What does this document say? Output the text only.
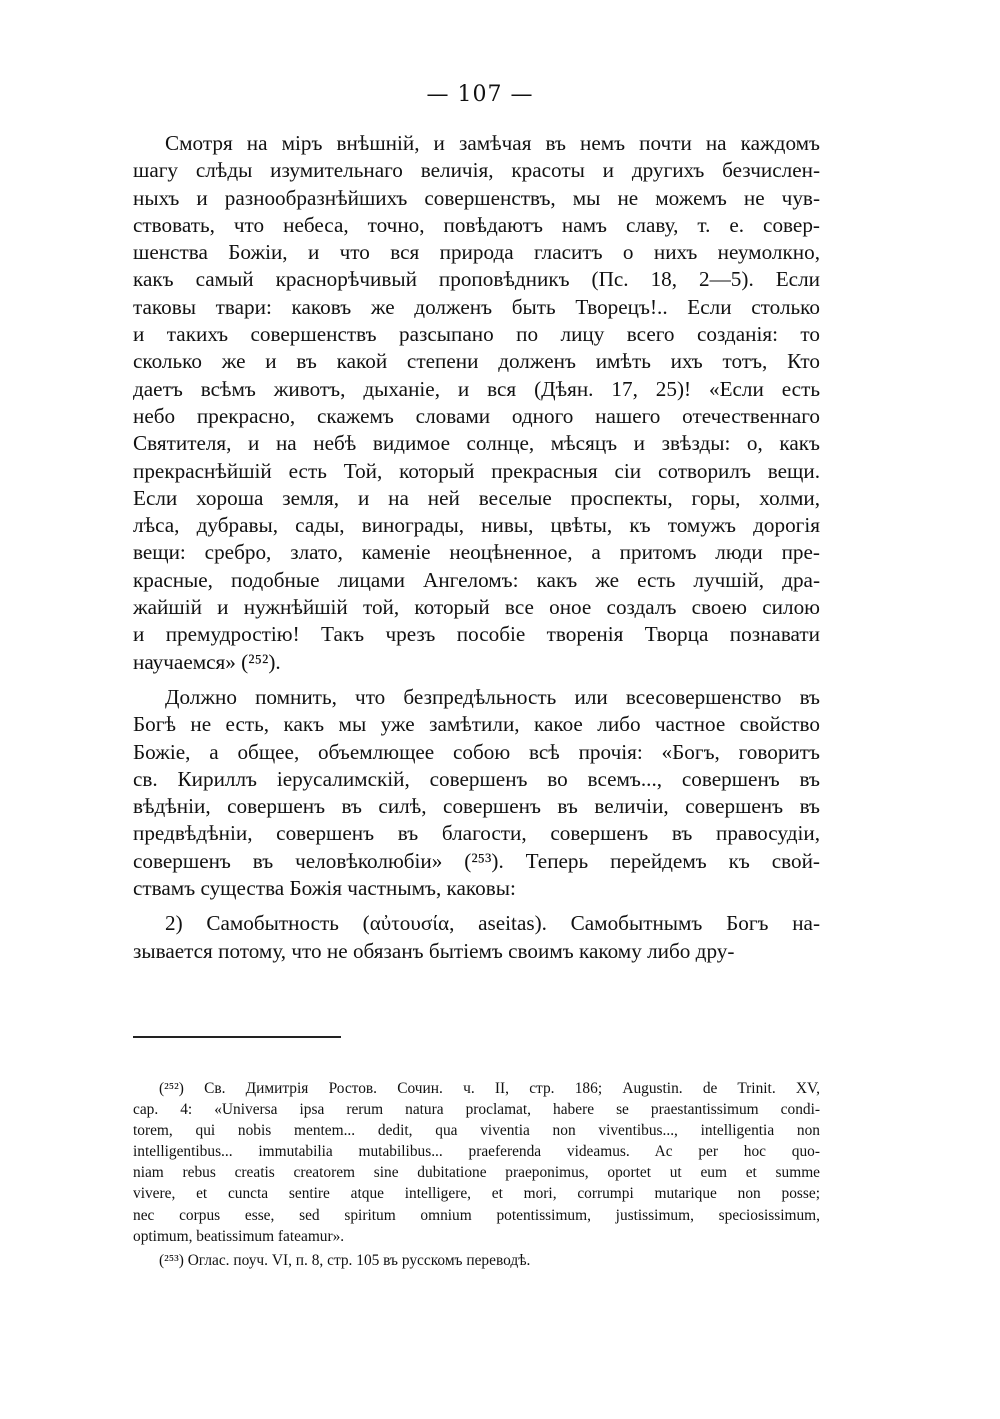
— 107 —
Смотря на міръ внѣшній, и замѣчая въ немъ почти на каждомъ
шагу слѣды изумительнаго величія, красоты и другихъ безчислен-
ныхъ и разнообразнѣйшихъ совершенствъ, мы не можемъ не чув-
ствовать, что небеса, точно, повѣдаютъ намъ славу, т. е. совер-
шенства Божіи, и что вся природа гласитъ о нихъ неумолкно,
какъ самый краснорѣчивый проповѣдникъ (Пс. 18, 2—5). Если
таковы твари: каковъ же долженъ быть Творецъ!.. Если столько
и такихъ совершенствъ разсыпано по лицу всего созданія: то
сколько же и въ какой степени долженъ имѣть ихъ тотъ, Кто
даетъ всѣмъ животъ, дыханіе, и вся (Дѣян. 17, 25)! «Если есть
небо прекрасно, скажемъ словами одного нашего отечественнаго
Святителя, и на небѣ видимое солнце, мѣсяцъ и звѣзды: о, какъ
прекраснѣйшій есть Той, который прекрасныя сіи сотворилъ вещи.
Если хороша земля, и на ней веселые проспекты, горы, холми,
лѣса, дубравы, сады, винограды, нивы, цвѣты, къ томужъ дорогія
вещи: сребро, злато, каменіе неоцѣненное, а притомъ люди пре-
красные, подобные лицами Ангеломъ: какъ же есть лучшій, дра-
жайшій и нужнѣйшій той, который все оное создалъ своею силою
и премудростію! Такъ чрезъ пособіе творенія Творца познавати
научаемся» (²⁵²).
Должно помнить, что безпредѣльность или всесовершенство въ
Богѣ не есть, какъ мы уже замѣтили, какое либо частное свойство
Божіе, а общее, объемлющее собою всѣ прочія: «Богъ, говоритъ
св. Кириллъ іерусалимскій, совершенъ во всемъ..., совершенъ въ
вѣдѣніи, совершенъ въ силѣ, совершенъ въ величіи, совершенъ въ
предвѣдѣніи, совершенъ въ благости, совершенъ въ правосудіи,
совершенъ въ человѣколюбіи» (²⁵³). Теперь перейдемъ къ свой-
ствамъ существа Божія частнымъ, каковы:
2) Самобытность (αὐτουσία, aseitas). Самобытнымъ Богъ на-
зывается потому, что не обязанъ бытіемъ своимъ какому либо дру-
(²⁵²) Св. Димитрія Ростов. Сочин. ч. II, стр. 186; Augustin. de Trinit. XV,
cap. 4: «Universa ipsa rerum natura proclamat, habere se praestantissimum condi-
torem, qui nobis mentem... dedit, qua viventia non viventibus..., intelligentia non
intelligentibus... immutabilia mutabilibus... praeferenda videamus. Ac per hoc quo-
niam rebus creatis creatorem sine dubitatione praeponimus, oportet ut eum et summe
vivere, et cuncta sentire atque intelligere, et mori, corrumpi mutarique non posse;
nec corpus esse, sed spiritum omnium potentissimum, justissimum, speciosissimum,
optimum, beatissimum fateamur».
(²⁵³) Оглас. поуч. VI, п. 8, стр. 105 въ русскомъ переводѣ.
